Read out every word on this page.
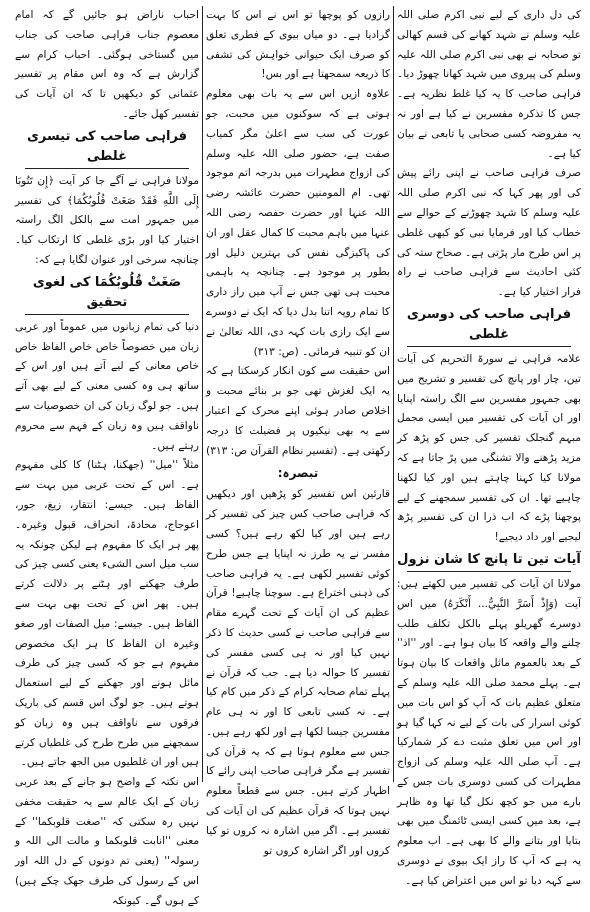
کی دل داری کے لیے نبی اکرم صلی اللہ علیہ وسلم نے شہد کھانے کی قسم کھالی تو صحابہ نے بھی نبی اکرم صلی اللہ علیہ وسلم کی پیروی میں شہد کھانا چھوڑ دیا۔ فراہی صاحب کا یہ کیا غلط نظریہ ہے۔ جس کا تذکرہ مفسرین نے کیا ہے اور نہ یہ مفروضہ کسی صحابی یا تابعی نے بیان کیا ہے۔

صرف فراہی صاحب نے اپنی رائے پیش کی اور پھر کہا کہ نبی اکرم صلی اللہ علیہ وسلم کا شہد چھوڑنے کے حوالے سے خطاب کیا اور فرمایا نبی کو کبھی غلطی پر اس طرح مار پڑتی ہے۔ صحاح ستہ کی کئی احادیث سے فراہی صاحب نے راہ فرار اختیار کیا ہے۔

فراہی صاحب کی دوسری غلطی

علامہ فراہی نے سورۃ التحریم کی آیات تین، چار اور پانچ کی تفسیر و تشریح میں بھی جمہور مفسرین سے الگ راستہ اپنایا اور ان آیات کی تفسیر میں ایسی مجمل مبہم گنجلک تفسیر کی جس کو پڑھ کر مزید پڑھنے والا تشنگی میں پڑ جاتا ہے کہ مولانا کیا کہنا چاہتے ہیں اور کیا لکھنا چاہیے تھا۔ ان کی تفسیر سمجھنے کے لیے پوچھنا پڑے کہ اب ذرا ان کی تفسیر پڑھ لیجیے اور داد دیجیے!

آیات تین تا پانچ کا شان نزول

مولانا ان آیات کی تفسیر میں لکھتے ہیں: آیت (وَإِذْ أَسَرَّ النَّبِيُّ... أَنْكَرَهُ) میں اس دوسرے گھریلو پہلے بالکل تکلف طلب چلنے والے واقعہ کا بیان ہوا ہے۔ اور ''اذ'' کے بعد بالعموم ماثل واقعات کا بیان ہوتا ہے۔ پہلے محمد صلی اللہ علیہ وسلم کے متعلق عظیم بات کہ آپ کو اس بات میں کوئی اسرار کی بات کے لیے نہ کہا گیا ہو اور اس میں تعلق مثبت دے کر شمارکیا ہے۔ آپ صلی اللہ علیہ وسلم کی ازواج مطہرات کی کسی دوسری بات جس کے بارے میں جو کچھ نکل گیا تھا وہ ظاہر ہے، بعد میں کسی ایسی ٹائمنگ میں بھی بتایا اور بتانے والے کا بھی ہے۔ اب معلوم یہ ہے کہ آپ کا راز ایک بیوی نے دوسری سے کہہ دیا تو اس میں اعتراض کیا ہے۔

رازوں کو پوچھا تو اس نے اس کا بہت گرادیا ہے۔ دو میاں بیوی کے فطری تعلق کو صرف ایک حیوانی خواہش کی تشفی کا ذریعہ سمجھتا ہے اور بس!

علاوہ ازیں اس سے یہ بات بھی معلوم ہوتی ہے کہ سوکنوں میں محبت، جو عورت کی سب سے اعلیٰ مگر کمیاب صفت ہے، حضور صلی اللہ علیہ وسلم کی ازواج مطہرات میں بدرجہ اتم موجود تھی۔ ام المومنین حضرت عائشہ رضی اللہ عنہا اور حضرت حفصہ رضی اللہ عنہا میں باہم محبت کا کمال عقل اور ان کی پاکیزگی نفس کی بہترین دلیل اور بطور پر موجود ہے۔ چنانچہ یہ باہمی محبت ہی تھی جس نے آپ میں راز داری کا تمام روپہ اتنا بدل دیا کہ ایک نے دوسرے سے ایک رازی بات کہہ دی، اللہ تعالیٰ نے ان کو تنبیہ فرمائی۔ (ص: ۳۱۳)

اس حقیقت سے کون انکار کرسکتا ہے کہ یہ ایک لغزش تھی جو بر بنائے محبت و اخلاص صادر ہوئی اپنے محرک کے اعتبار سے یہ بھی نیکیوں پر فضیلت کا درجہ رکھتی ہے۔ (تفسیر نظام القرآن ص: ۳۱۳)

تبصرہ:

قارئین اس تفسیر کو پڑھیں اور دیکھیں کہ فراہی صاحب کس چیز کی تفسیر کر رہے ہیں اور کیا لکھ رہے ہیں؟ کسی مفسر نے یہ طرز نہ اپنایا ہے جس طرح کوئی تفسیر لکھی ہے۔ یہ فراہی صاحب کی ذہنی اختراع ہے۔ سوچنا چاہیے! قرآن عظیم کی ان آیات کے تحت گہرے مقام سے فراہی صاحب نے کسی حدیث کا ذکر نہیں کیا اور نہ ہی کسی مفسر کی تفسیر کا حوالہ دیا ہے۔ جب کہ قرآن نے پہلے تمام صحابہ کرام کے ذکر میں کام کیا ہے۔ نہ کسی تابعی کا اور نہ ہی عام مفسرین جیسا لکھا ہے اور لکھ رہے ہیں۔ جس سے معلوم ہوتا ہے کہ یہ قرآن کی تفسیر ہے مگر فراہی صاحب اپنی رائے کا اظہار کرتے ہیں۔ جس سے قطعاً معلوم نہیں ہوتا کہ قرآن عظیم کی ان آیات کی تفسیر ہے۔ اگر میں اشارہ نہ کروں تو کیا کروں اور اگر اشارہ کروں تو

احباب ناراض ہو جائیں گے کہ امام معصوم جناب فراہی صاحب کی جناب میں گستاخی ہوگئی۔ احباب کرام سے گزارش ہے کہ وہ اس مقام پر تفسیر عثمانی کو دیکھیں تا کہ ان آیات کی تفسیر کھل جائے۔

فراہی صاحب کی تیسری غلطی

مولانا فراہی نے آگے جا کر آیت ﴿إِن تَتُوبَا إِلَى اللَّهِ فَقَدْ صَغَتْ قُلُوبُكُمَا﴾ کی تفسیر میں جمہور امت سے بالکل الگ راستہ اختیار کیا اور بڑی غلطی کا ارتکاب کیا۔ چنانچہ سرخی اور عنوان لگایا ہے کہ:

صَغَتْ قُلُوبُكُمَا کی لغوی تحقیق

دنیا کی تمام زبانوں میں عموماً اور عربی زبان میں خصوصاً خاص خاص الفاظ خاص خاص معانی کے لیے آتے ہیں اور اس کے ساتھ ہی وہ کسی معنی کے لیے بھی آتے ہیں۔ جو لوگ زبان کی ان خصوصیات سے ناواقف ہیں وہ زبان کے فہم سے محروم رہتے ہیں۔

مثلاً ''میل'' (جھکنا، ہٹنا) کا کلی مفہوم ہے۔ اس کے تحت عربی میں بہت سے الفاظ ہیں۔ جیسے: انتقار، زیغ، جور، اعوجاج، محادۃ، انحراف، قبول وغیرہ۔ پھر ہر ایک کا مفہوم ہے لیکن چونکہ یہ سب میل اسی الشیء یعنی کسی چیز کی طرف جھکنے اور ہٹنے پر دلالت کرتے ہیں۔ پھر اس کے تحت بھی بہت سے الفاظ ہیں۔ جیسے: میل الصفات اور صغو وغیرہ ان الفاظ کا ہر ایک مخصوص مفہوم ہے جو کہ کسی چیز کی طرف مائل ہونے اور جھکنے کے لیے استعمال ہوتے ہیں۔ جو لوگ اس قسم کی باریک فرقوں سے ناواقف ہیں وہ زبان کو سمجھنے میں طرح طرح کی غلطیاں کرتے ہیں اور ان غلطیوں میں الجھ جاتے ہیں۔

اس نکتہ کے واضح ہو جانے کے بعد عربی زبان کے ایک عالم سے یہ حقیقت مخفی نہیں رہ سکتی کہ ''صغت قلوبکما'' کے معنی ''انابت قلوبکما و مالت الی اللہ و رسولہ'' (یعنی تم دونوں کے دل اللہ اور اس کے رسول کی طرف جھک چکے ہیں) کے ہوں گے۔ کیونکہ
